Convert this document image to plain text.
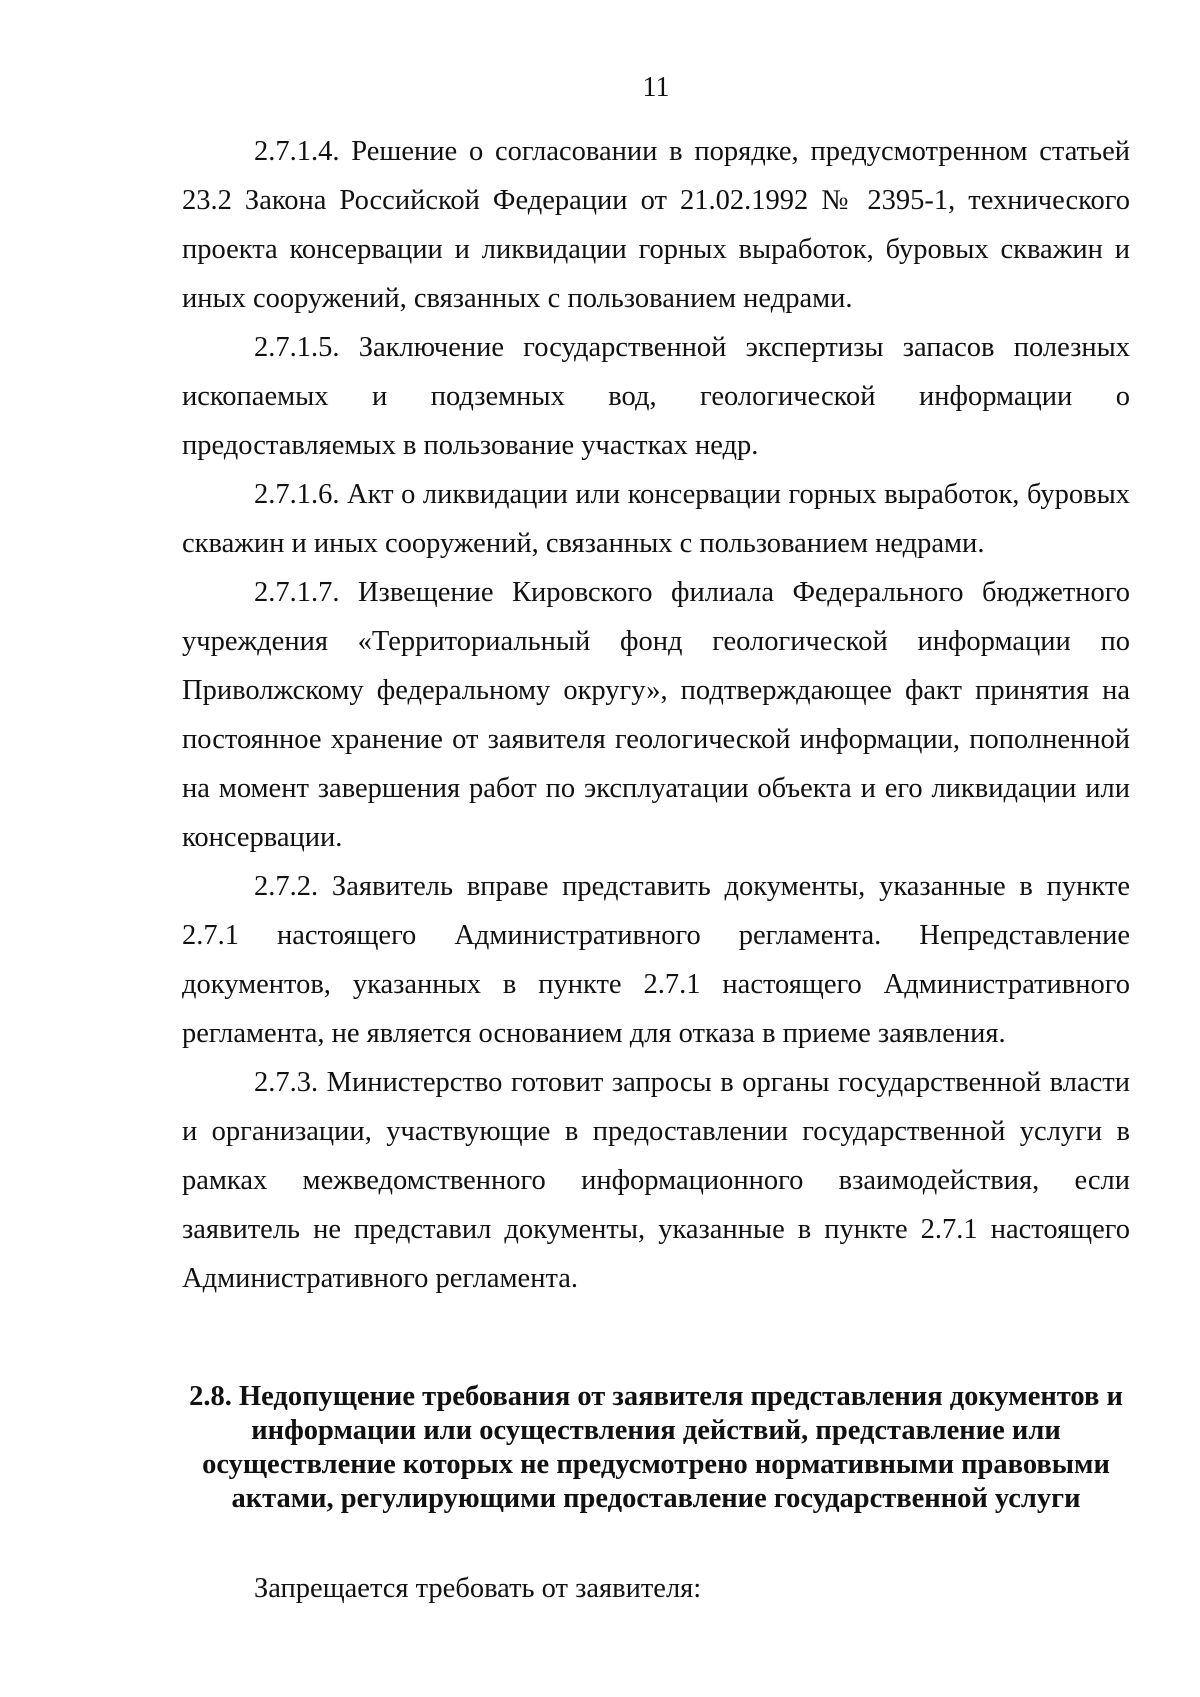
11

2.7.1.4. Решение о согласовании в порядке, предусмотренном статьей 23.2 Закона Российской Федерации от 21.02.1992 № 2395-1, технического проекта консервации и ликвидации горных выработок, буровых скважин и иных сооружений, связанных с пользованием недрами.

2.7.1.5. Заключение государственной экспертизы запасов полезных ископаемых и подземных вод, геологической информации о предоставляемых в пользование участках недр.

2.7.1.6. Акт о ликвидации или консервации горных выработок, буровых скважин и иных сооружений, связанных с пользованием недрами.

2.7.1.7. Извещение Кировского филиала Федерального бюджетного учреждения «Территориальный фонд геологической информации по Приволжскому федеральному округу», подтверждающее факт принятия на постоянное хранение от заявителя геологической информации, пополненной на момент завершения работ по эксплуатации объекта и его ликвидации или консервации.

2.7.2. Заявитель вправе представить документы, указанные в пункте 2.7.1 настоящего Административного регламента. Непредставление документов, указанных в пункте 2.7.1 настоящего Административного регламента, не является основанием для отказа в приеме заявления.

2.7.3. Министерство готовит запросы в органы государственной власти и организации, участвующие в предоставлении государственной услуги в рамках межведомственного информационного взаимодействия, если заявитель не представил документы, указанные в пункте 2.7.1 настоящего Административного регламента.

2.8. Недопущение требования от заявителя представления документов и
информации или осуществления действий, представление или
осуществление которых не предусмотрено нормативными правовыми
актами, регулирующими предоставление государственной услуги

Запрещается требовать от заявителя:
